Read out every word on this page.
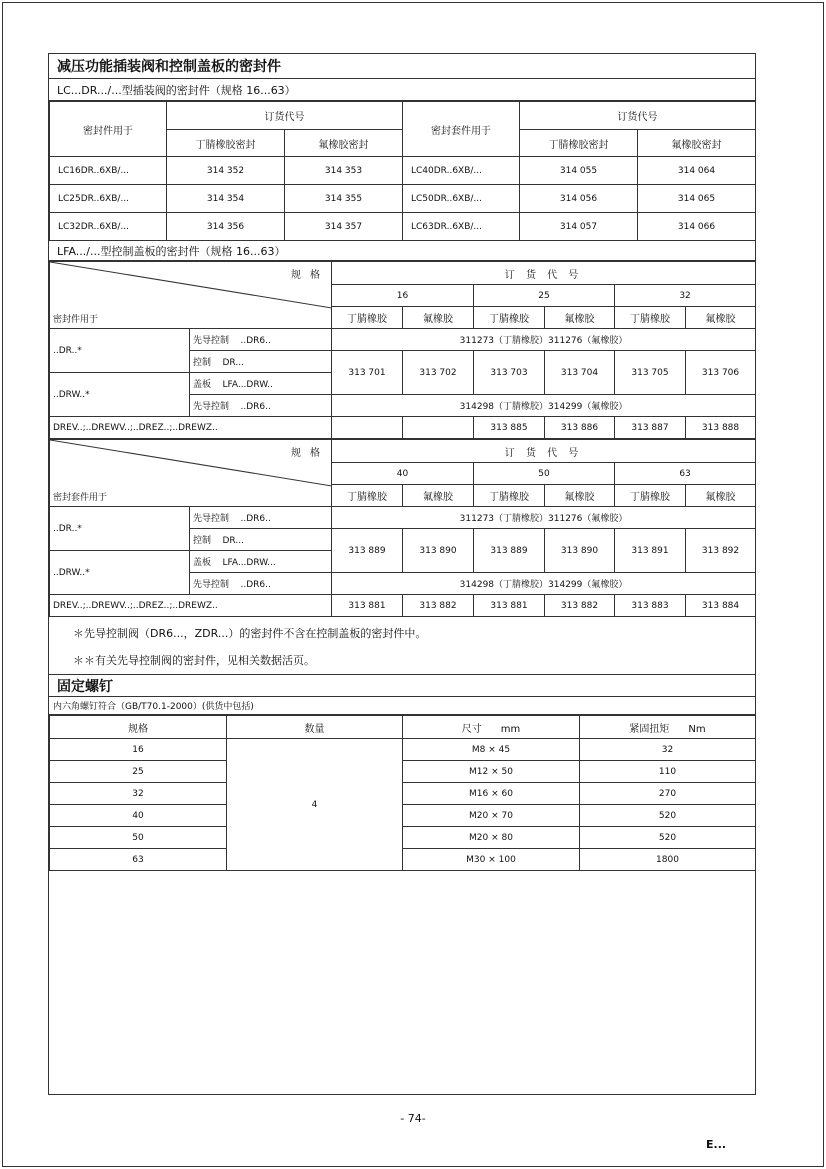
减压功能插装阀和控制盖板的密封件
LC...DR.../...型插装阀的密封件（规格 16...63）
密封件用于	订货代号		密封套件用于	订货代号	
	丁腈橡胶密封	氟橡胶密封		丁腈橡胶密封	氟橡胶密封
LC16DR..6XB/...	314 352	314 353	LC40DR..6XB/...	314 055	314 064
LC25DR..6XB/...	314 354	314 355	LC50DR..6XB/...	314 056	314 065
LC32DR..6XB/...	314 356	314 357	LC63DR..6XB/...	314 057	314 066
LFA.../...型控制盖板的密封件（规格 16...63）
规 格
密封件用于		订 货 代 号					
		16		25		32	
		丁腈橡胶	氟橡胶	丁腈橡胶	氟橡胶	丁腈橡胶	氟橡胶
..DR..*	先导控制 ..DR6..	311273（丁腈橡胶）311276（氟橡胶）					
	控制 DR...	313 701	313 702	313 703	313 704	313 705	313 706
..DRW..*	盖板 LFA...DRW..						
	先导控制 ..DR6..	314298（丁腈橡胶）314299（氟橡胶）					
DREV..;..DREWV..;..DREZ..;..DREWZ..				313 885	313 886	313 887	313 888
规 格
密封套件用于		订 货 代 号					
		40		50		63	
		丁腈橡胶	氟橡胶	丁腈橡胶	氟橡胶	丁腈橡胶	氟橡胶
..DR..*	先导控制 ..DR6..	311273（丁腈橡胶）311276（氟橡胶）					
	控制 DR...	313 889	313 890	313 889	313 890	313 891	313 892
..DRW..*	盖板 LFA...DRW...						
	先导控制 ..DR6..	314298（丁腈橡胶）314299（氟橡胶）					
DREV..;..DREWV..;..DREZ..;..DREWZ..		313 881	313 882	313 881	313 882	313 883	313 884
＊先导控制阀（DR6...，ZDR...）的密封件不含在控制盖板的密封件中。
＊＊有关先导控制阀的密封件，见相关数据活页。
固定螺钉
内六角螺钉符合（GB/T70.1-2000）(供货中包括)
规格	数量	尺寸 mm	紧固扭矩 Nm
16	4	M8 × 45	32
25		M12 × 50	110
32		M16 × 60	270
40		M20 × 70	520
50		M20 × 80	520
63		M30 × 100	1800
- 74-
E...
